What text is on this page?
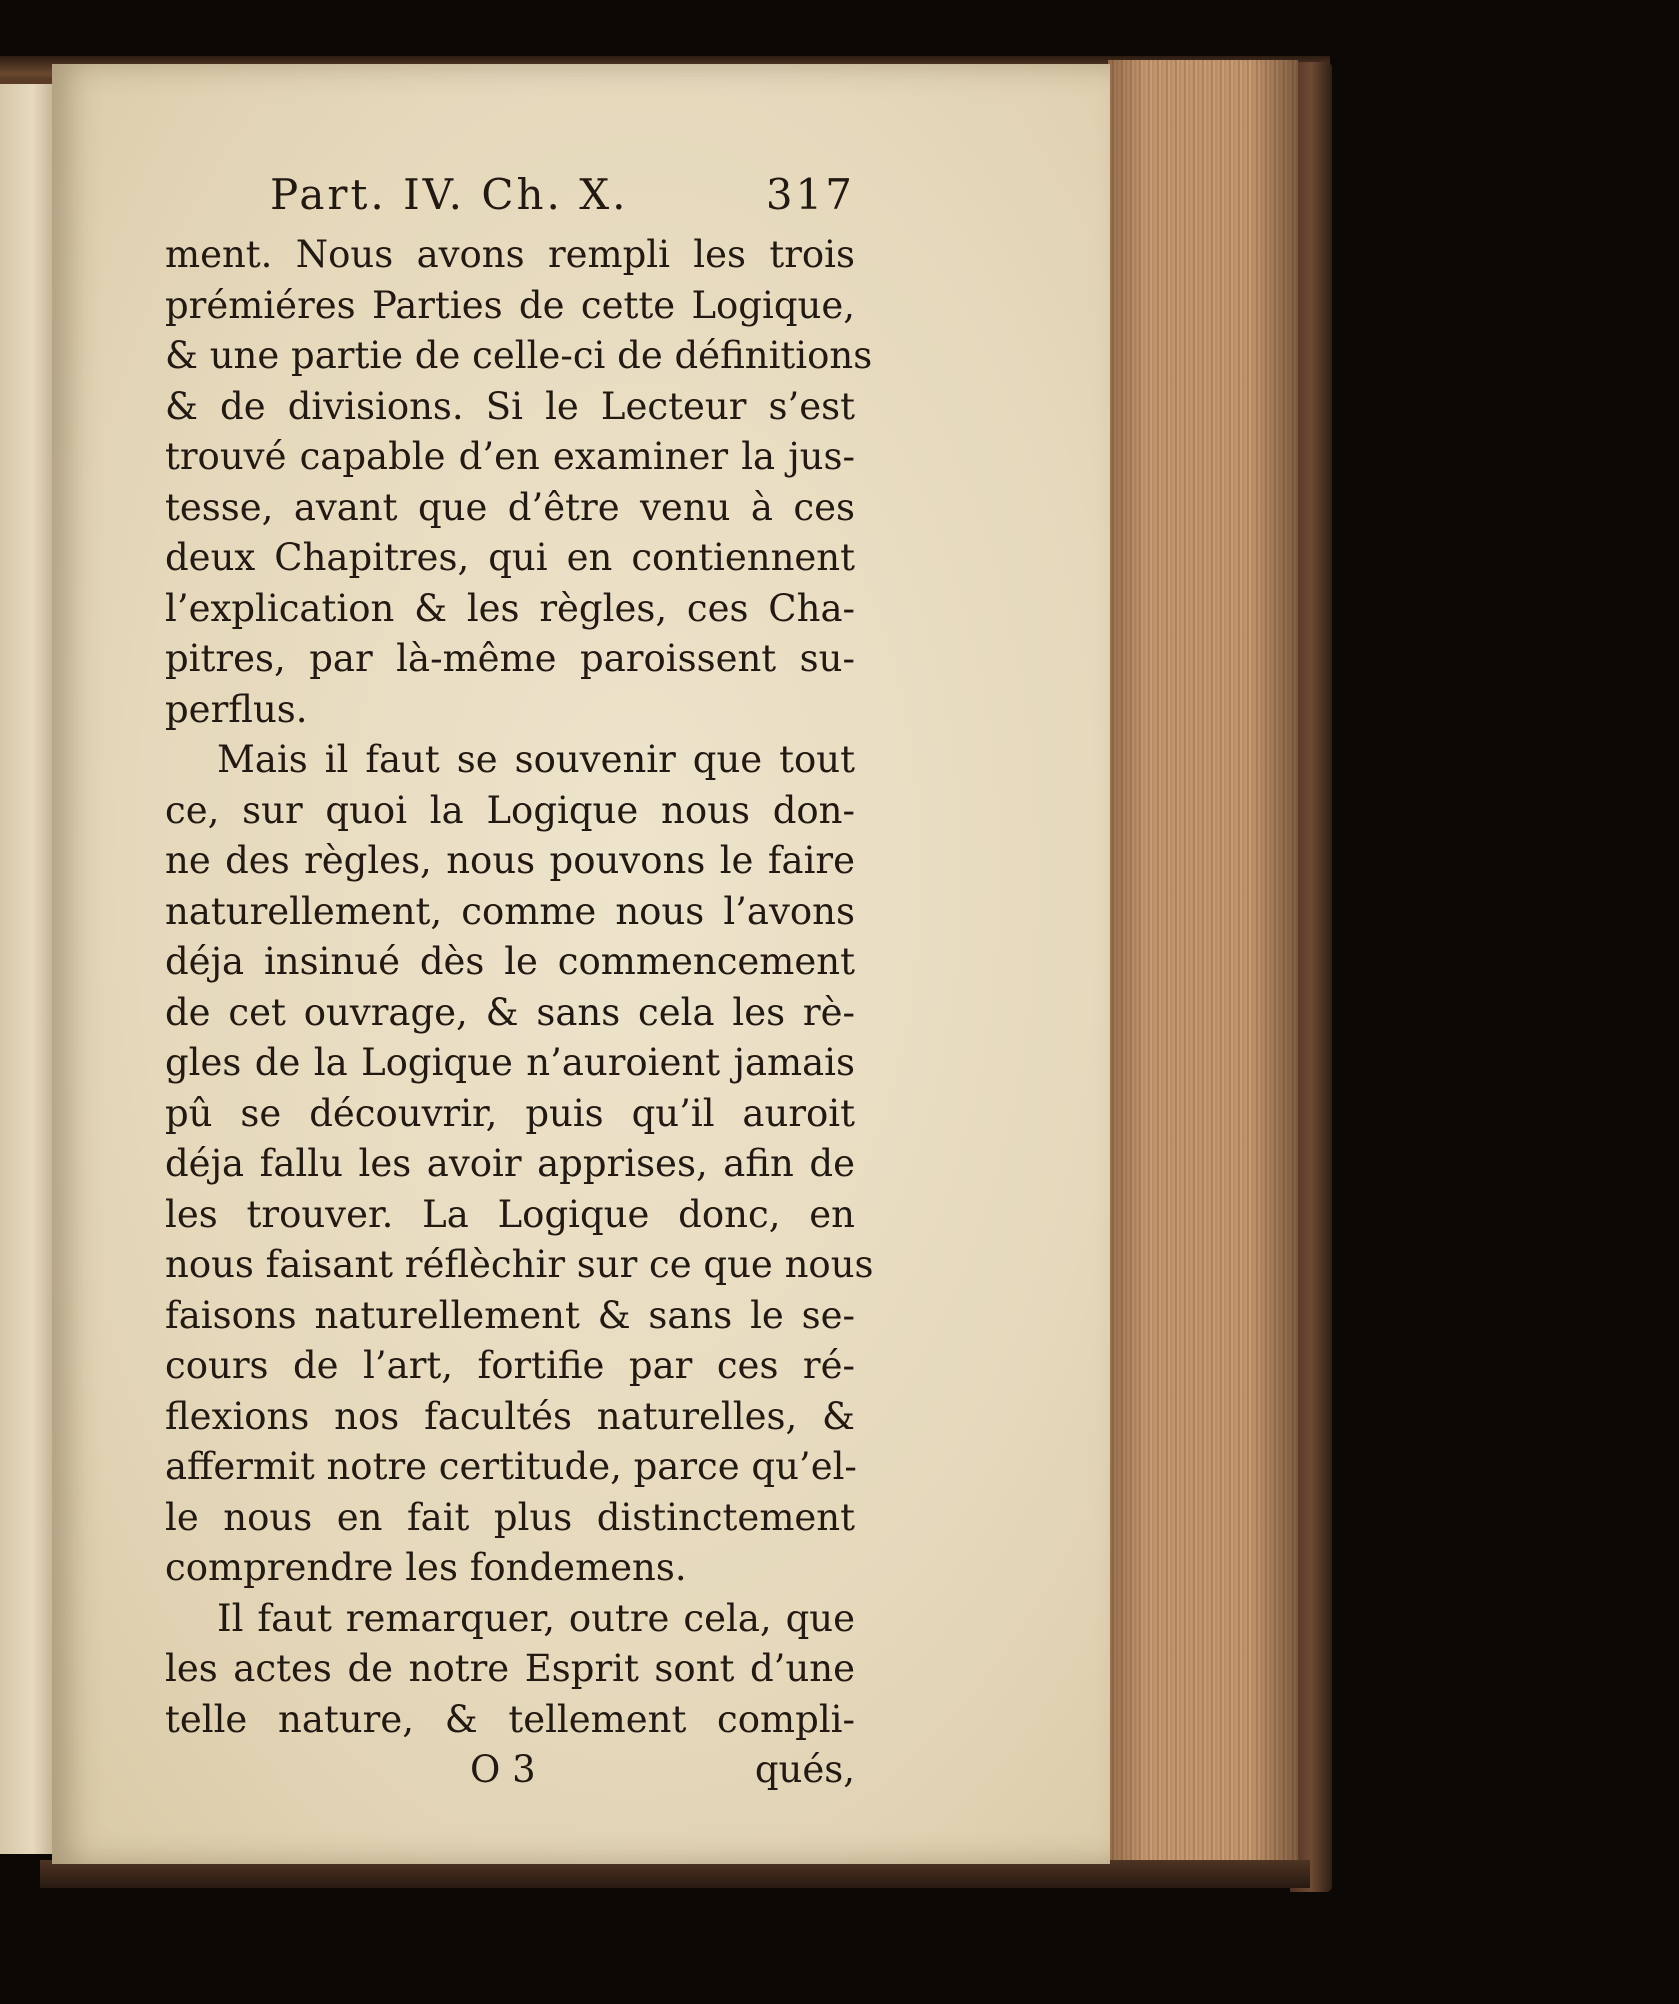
Part. IV. Ch. X.	317
ment. Nous avons rempli les trois
prémiéres Parties de cette Logique,
& une partie de celle-ci de définitions
& de divisions. Si le Lecteur s’est
trouvé capable d’en examiner la jus-
tesse, avant que d’être venu à ces
deux Chapitres, qui en contiennent
l’explication & les règles, ces Cha-
pitres, par là-même paroissent su-
perflus.
Mais il faut se souvenir que tout
ce, sur quoi la Logique nous don-
ne des règles, nous pouvons le faire
naturellement, comme nous l’avons
déja insinué dès le commencement
de cet ouvrage, & sans cela les rè-
gles de la Logique n’auroient jamais
pû se découvrir, puis qu’il auroit
déja fallu les avoir apprises, afin de
les trouver. La Logique donc, en
nous faisant réflèchir sur ce que nous
faisons naturellement & sans le se-
cours de l’art, fortifie par ces ré-
flexions nos facultés naturelles, &
affermit notre certitude, parce qu’el-
le nous en fait plus distinctement
comprendre les fondemens.
Il faut remarquer, outre cela, que
les actes de notre Esprit sont d’une
telle nature, & tellement compli-
O 3	qués,
